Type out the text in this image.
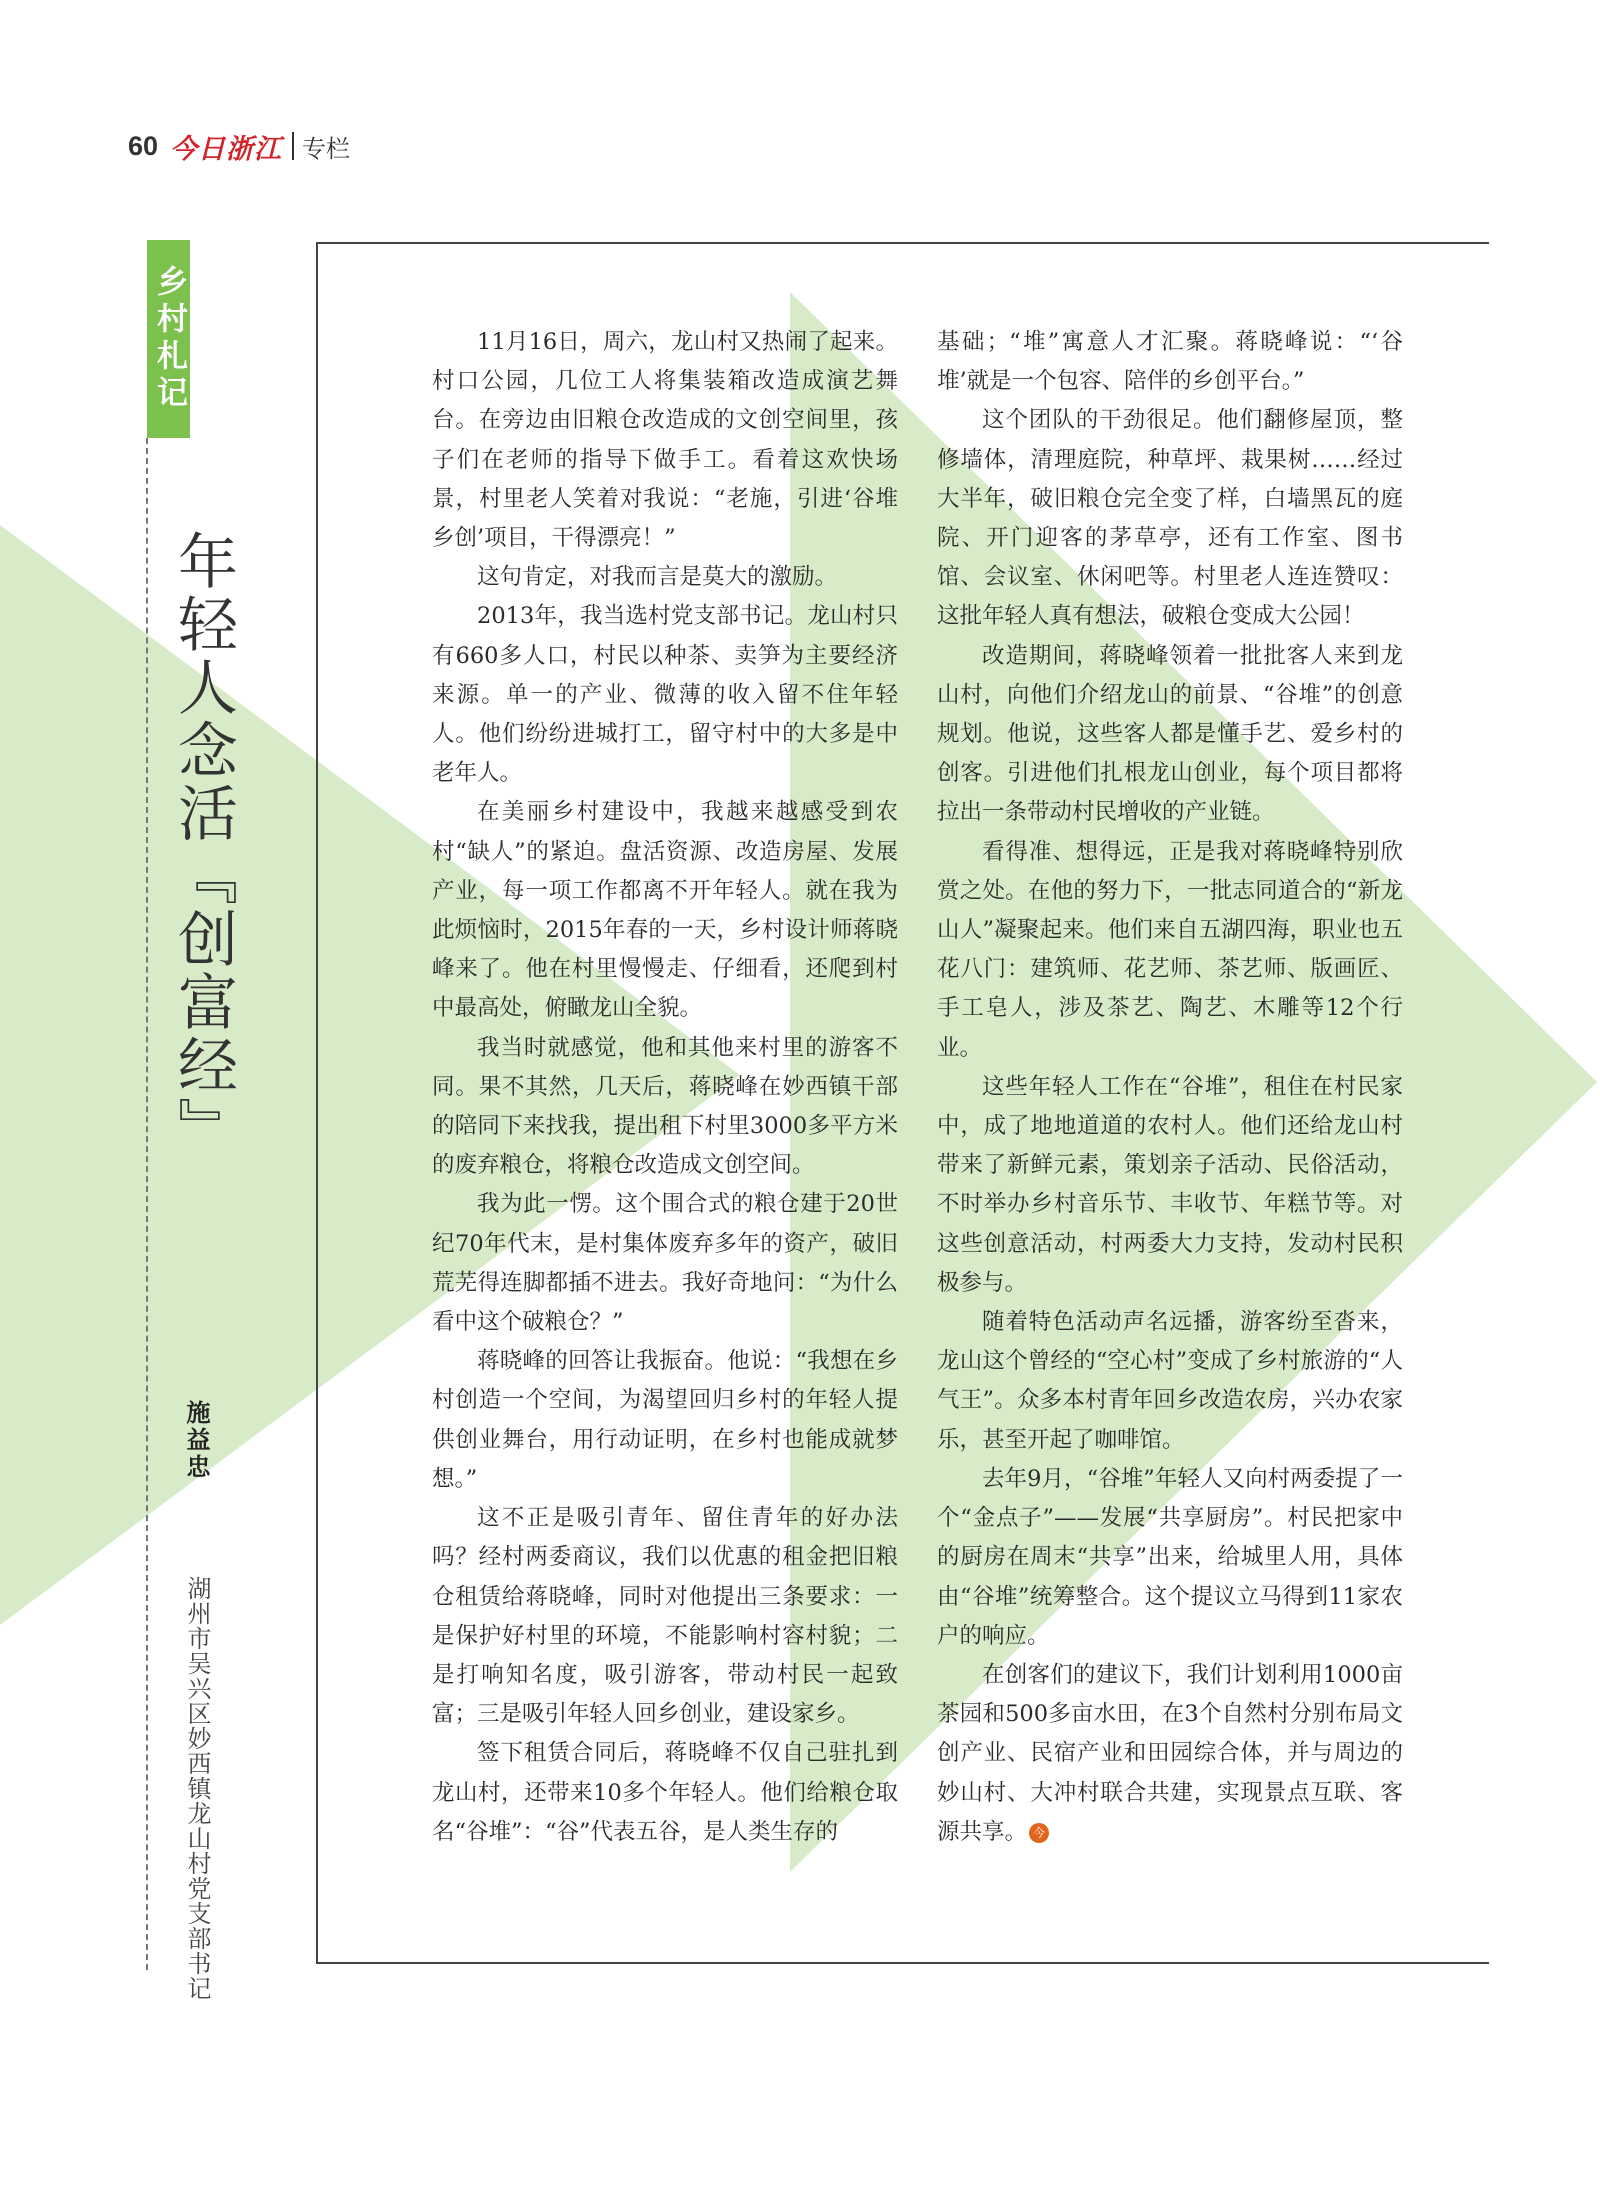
60 今日浙江 专栏
乡村札记
年轻人念活『创富经』
施益忠
湖州市吴兴区妙西镇龙山村党支部书记

11月16日，周六，龙山村又热闹了起来。村口公园，几位工人将集装箱改造成演艺舞台。在旁边由旧粮仓改造成的文创空间里，孩子们在老师的指导下做手工。看着这欢快场景，村里老人笑着对我说：“老施，引进‘谷堆乡创’项目，干得漂亮！”

这句肯定，对我而言是莫大的激励。

2013年，我当选村党支部书记。龙山村只有660多人口，村民以种茶、卖笋为主要经济来源。单一的产业、微薄的收入留不住年轻人。他们纷纷进城打工，留守村中的大多是中老年人。

在美丽乡村建设中，我越来越感受到农村“缺人”的紧迫。盘活资源、改造房屋、发展产业，每一项工作都离不开年轻人。就在我为此烦恼时，2015年春的一天，乡村设计师蒋晓峰来了。他在村里慢慢走、仔细看，还爬到村中最高处，俯瞰龙山全貌。

我当时就感觉，他和其他来村里的游客不同。果不其然，几天后，蒋晓峰在妙西镇干部的陪同下来找我，提出租下村里3000多平方米的废弃粮仓，将粮仓改造成文创空间。

我为此一愣。这个围合式的粮仓建于20世纪70年代末，是村集体废弃多年的资产，破旧荒芜得连脚都插不进去。我好奇地问：“为什么看中这个破粮仓？”

蒋晓峰的回答让我振奋。他说：“我想在乡村创造一个空间，为渴望回归乡村的年轻人提供创业舞台，用行动证明，在乡村也能成就梦想。”

这不正是吸引青年、留住青年的好办法吗？经村两委商议，我们以优惠的租金把旧粮仓租赁给蒋晓峰，同时对他提出三条要求：一是保护好村里的环境，不能影响村容村貌；二是打响知名度，吸引游客，带动村民一起致富；三是吸引年轻人回乡创业，建设家乡。

签下租赁合同后，蒋晓峰不仅自己驻扎到龙山村，还带来10多个年轻人。他们给粮仓取名“谷堆”：“谷”代表五谷，是人类生存的

基础；“堆”寓意人才汇聚。蒋晓峰说：“‘谷堆’就是一个包容、陪伴的乡创平台。”

这个团队的干劲很足。他们翻修屋顶，整修墙体，清理庭院，种草坪、栽果树……经过大半年，破旧粮仓完全变了样，白墙黑瓦的庭院、开门迎客的茅草亭，还有工作室、图书馆、会议室、休闲吧等。村里老人连连赞叹：这批年轻人真有想法，破粮仓变成大公园！

改造期间，蒋晓峰领着一批批客人来到龙山村，向他们介绍龙山的前景、“谷堆”的创意规划。他说，这些客人都是懂手艺、爱乡村的创客。引进他们扎根龙山创业，每个项目都将拉出一条带动村民增收的产业链。

看得准、想得远，正是我对蒋晓峰特别欣赏之处。在他的努力下，一批志同道合的“新龙山人”凝聚起来。他们来自五湖四海，职业也五花八门：建筑师、花艺师、茶艺师、版画匠、手工皂人，涉及茶艺、陶艺、木雕等12个行业。

这些年轻人工作在“谷堆”，租住在村民家中，成了地地道道的农村人。他们还给龙山村带来了新鲜元素，策划亲子活动、民俗活动，不时举办乡村音乐节、丰收节、年糕节等。对这些创意活动，村两委大力支持，发动村民积极参与。

随着特色活动声名远播，游客纷至沓来，龙山这个曾经的“空心村”变成了乡村旅游的“人气王”。众多本村青年回乡改造农房，兴办农家乐，甚至开起了咖啡馆。

去年9月，“谷堆”年轻人又向村两委提了一个“金点子”——发展“共享厨房”。村民把家中的厨房在周末“共享”出来，给城里人用，具体由“谷堆”统筹整合。这个提议立马得到11家农户的响应。

在创客们的建议下，我们计划利用1000亩茶园和500多亩水田，在3个自然村分别布局文创产业、民宿产业和田园综合体，并与周边的妙山村、大冲村联合共建，实现景点互联、客源共享。 今
